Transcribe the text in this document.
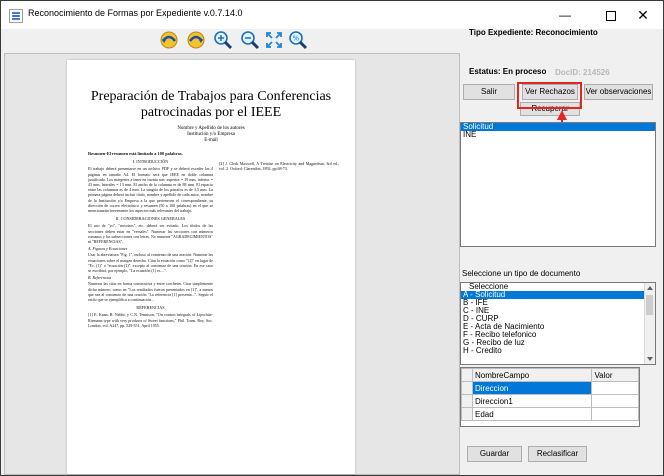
Reconocimiento de Formas por Expediente v.0.7.14.0	—	✕
%
Preparación de Trabajos para Conferencias
patrocinadas por el IEEE
Nombre y Apellido de los autores
Institución y/o Empresa
E-mail
Resumen-El resumen está limitado a 100 palabras.
I. INTRODUCCIÓN
El trabajo deberá presentarse en un archivo PDF y se deberá exceder las 4 páginas en tamaño A4. El formato será que IEEE en doble columna justificado. Los márgenes a tener en cuenta son: superior = 19 mm, inferior = 43 mm, laterales = 13 mm. El ancho de la columna es de 88 mm. El espacio entre las columnas es de 4 mm. La sangría de los párrafos es de 3,5 mm. La primera página deberá incluir título, nombre y apellido de cada autor, nombre de la Institución y/o Empresa a la que pertenecen el correspondiente, su dirección de correo electrónico y resumen (50 a 100 palabras) en el que se mencionarán brevemente los aspectos más relevantes del trabajo.
II. CONSIDERACIONES GENERALES
El uso de "yo", "nosotros", etc. deberá ser evitado. Los títulos de las secciones deben estar en "versales". Numerar las secciones con números romanos y las subsecciones con letras. No numerar "AGRADECIMIENTOS" ni "REFERENCIAS".
A. Figuras y Ecuaciones
Usar la abreviatura "Fig. 1", incluso al comienzo de una oración. Numerar las ecuaciones sobre el margen derecho. Citar la ecuación como "(1)" en lugar de "Ec. (1)" o "ecuación (1)", excepto al comienzo de una oración. En ese caso se escribirá, por ejemplo, "La ecuación (1) es ...".
B. Referencias
Numerar las citas en forma consecutiva y entre corchetes. Citar simplemente dicho número, como en "Los resultados fueron presentados en [1]", a menos que sea al comienzo de una oración "La referencia [1] presenta...". Seguir el estilo que se ejemplifica a continuación...
REFERENCIAS
[1] E. Kuan, R. Nebbi, y C.N. Tennison, "On contact integrals of Lipschitz-Riemann type with very products of Sweet functions," Phil. Trans. Roy. Soc. London, vol. A247, pp. 529-551, April 1955.
[2] J. Clerk Maxwell, A Treatise on Electricity and Magnetism, 3rd ed., vol. 2. Oxford: Clarendon, 1892, pp.68-73.
Tipo Expediente: Reconocimiento
Estatus: En proceso DocID: 214526
Salir	Ver Rechazos	Ver observaciones
Recuperar
Solicitud
INE
Seleccione un tipo de documento
Seleccione
A - Solicitud
B - IFE
C - INE
D - CURP
E - Acta de Nacimiento
F - Recibo telefonico
G - Recibo de luz
H - Credito
	NombreCampo	Valor
	Direccion	
	Direccion1	
	Edad	
Guardar	Reclasificar
